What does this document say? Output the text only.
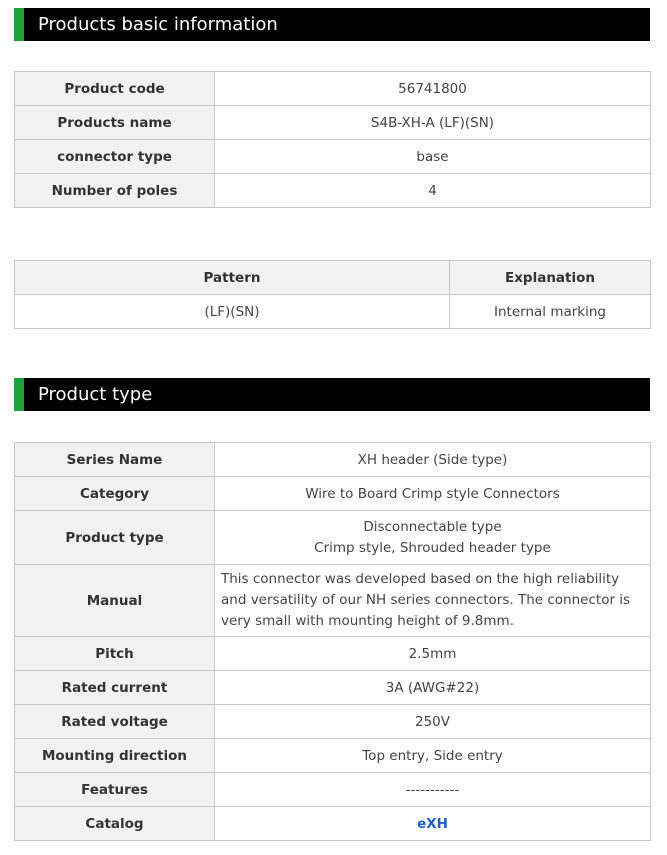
Products basic information
Product code	56741800
Products name	S4B-XH-A (LF)(SN)
connector type	base
Number of poles	4
Pattern	Explanation
(LF)(SN)	Internal marking
Product type
Series Name	XH header (Side type)
Category	Wire to Board Crimp style Connectors
Product type	Disconnectable type
Crimp style, Shrouded header type

Manual	This connector was developed based on the high reliability and versatility of our NH series connectors. The connector is very small with mounting height of 9.8mm.
Pitch	2.5mm
Rated current	3A (AWG#22)
Rated voltage	250V
Mounting direction	Top entry, Side entry
Features	-----------
Catalog	eXH
